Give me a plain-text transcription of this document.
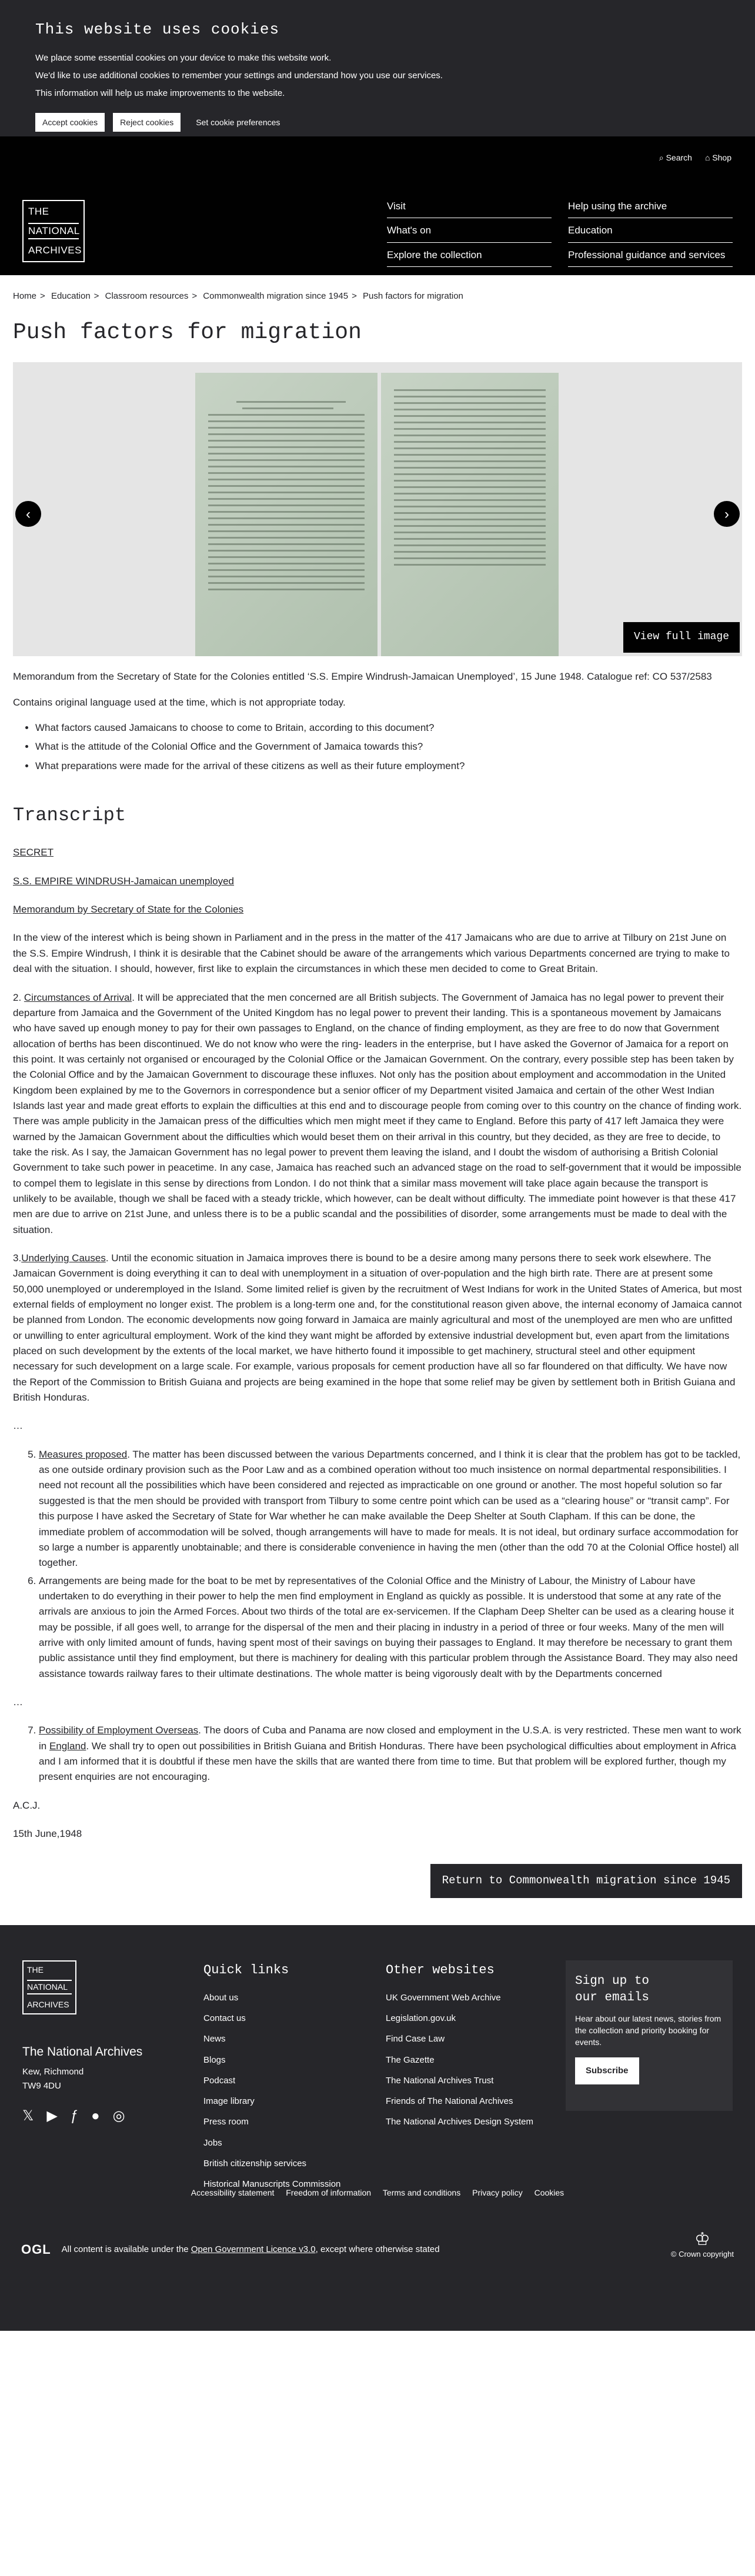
This website uses cookies

We place some essential cookies on your device to make this website work.

We'd like to use additional cookies to remember your settings and understand how you use our services.

This information will help us make improvements to the website.

Accept cookies	Reject cookies	Set cookie preferences
⌕ Search ⌂ Shop
THE
NATIONAL
ARCHIVES
Visit
What's on
Explore the collection
Help using the archive
Education
Professional guidance and services
Home > Education > Classroom resources > Commonwealth migration since 1945 > Push factors for migration
Push factors for migration
‹	›
View full image

Memorandum from the Secretary of State for the Colonies entitled ‘S.S. Empire Windrush-Jamaican Unemployed’, 15 June 1948. Catalogue ref: CO 537/2583

Contains original language used at the time, which is not appropriate today.

• What factors caused Jamaicans to choose to come to Britain, according to this document?
• What is the attitude of the Colonial Office and the Government of Jamaica towards this?
• What preparations were made for the arrival of these citizens as well as their future employment?
Transcript

SECRET

S.S. EMPIRE WINDRUSH-Jamaican unemployed

Memorandum by Secretary of State for the Colonies

In the view of the interest which is being shown in Parliament and in the press in the matter of the 417 Jamaicans who are due to arrive at Tilbury on 21st June on the S.S. Empire Windrush, I think it is desirable that the Cabinet should be aware of the arrangements which various Departments concerned are trying to make to deal with the situation. I should, however, first like to explain the circumstances in which these men decided to come to Great Britain.

2. Circumstances of Arrival. It will be appreciated that the men concerned are all British subjects. The Government of Jamaica has no legal power to prevent their departure from Jamaica and the Government of the United Kingdom has no legal power to prevent their landing. This is a spontaneous movement by Jamaicans who have saved up enough money to pay for their own passages to England, on the chance of finding employment, as they are free to do now that Government allocation of berths has been discontinued. We do not know who were the ring- leaders in the enterprise, but I have asked the Governor of Jamaica for a report on this point. It was certainly not organised or encouraged by the Colonial Office or the Jamaican Government. On the contrary, every possible step has been taken by the Colonial Office and by the Jamaican Government to discourage these influxes. Not only has the position about employment and accommodation in the United Kingdom been explained by me to the Governors in correspondence but a senior officer of my Department visited Jamaica and certain of the other West Indian Islands last year and made great efforts to explain the difficulties at this end and to discourage people from coming over to this country on the chance of finding work. There was ample publicity in the Jamaican press of the difficulties which men might meet if they came to England. Before this party of 417 left Jamaica they were warned by the Jamaican Government about the difficulties which would beset them on their arrival in this country, but they decided, as they are free to decide, to take the risk. As I say, the Jamaican Government has no legal power to prevent them leaving the island, and I doubt the wisdom of authorising a British Colonial Government to take such power in peacetime. In any case, Jamaica has reached such an advanced stage on the road to self-government that it would be impossible to compel them to legislate in this sense by directions from London. I do not think that a similar mass movement will take place again because the transport is unlikely to be available, though we shall be faced with a steady trickle, which however, can be dealt without difficulty. The immediate point however is that these 417 men are due to arrive on 21st June, and unless there is to be a public scandal and the possibilities of disorder, some arrangements must be made to deal with the situation.

3.Underlying Causes. Until the economic situation in Jamaica improves there is bound to be a desire among many persons there to seek work elsewhere. The Jamaican Government is doing everything it can to deal with unemployment in a situation of over-population and the high birth rate. There are at present some 50,000 unemployed or underemployed in the Island. Some limited relief is given by the recruitment of West Indians for work in the United States of America, but most external fields of employment no longer exist. The problem is a long-term one and, for the constitutional reason given above, the internal economy of Jamaica cannot be planned from London. The economic developments now going forward in Jamaica are mainly agricultural and most of the unemployed are men who are unfitted or unwilling to enter agricultural employment. Work of the kind they want might be afforded by extensive industrial development but, even apart from the limitations placed on such development by the extents of the local market, we have hitherto found it impossible to get machinery, structural steel and other equipment necessary for such development on a large scale. For example, various proposals for cement production have all so far floundered on that difficulty. We have now the Report of the Commission to British Guiana and projects are being examined in the hope that some relief may be given by settlement both in British Guiana and British Honduras.

…

5. Measures proposed. The matter has been discussed between the various Departments concerned, and I think it is clear that the problem has got to be tackled, as one outside ordinary provision such as the Poor Law and as a combined operation without too much insistence on normal departmental responsibilities. I need not recount all the possibilities which have been considered and rejected as impracticable on one ground or another. The most hopeful solution so far suggested is that the men should be provided with transport from Tilbury to some centre point which can be used as a “clearing house” or “transit camp”. For this purpose I have asked the Secretary of State for War whether he can make available the Deep Shelter at South Clapham. If this can be done, the immediate problem of accommodation will be solved, though arrangements will have to made for meals. It is not ideal, but ordinary surface accommodation for so large a number is apparently unobtainable; and there is considerable convenience in having the men (other than the odd 70 at the Colonial Office hostel) all together.
6. Arrangements are being made for the boat to be met by representatives of the Colonial Office and the Ministry of Labour, the Ministry of Labour have undertaken to do everything in their power to help the men find employment in England as quickly as possible. It is understood that some at any rate of the arrivals are anxious to join the Armed Forces. About two thirds of the total are ex-servicemen. If the Clapham Deep Shelter can be used as a clearing house it may be possible, if all goes well, to arrange for the dispersal of the men and their placing in industry in a period of three or four weeks. Many of the men will arrive with only limited amount of funds, having spent most of their savings on buying their passages to England. It may therefore be necessary to grant them public assistance until they find employment, but there is machinery for dealing with this particular problem through the Assistance Board. They may also need assistance towards railway fares to their ultimate destinations. The whole matter is being vigorously dealt with by the Departments concerned

…

7. Possibility of Employment Overseas. The doors of Cuba and Panama are now closed and employment in the U.S.A. is very restricted. These men want to work in England. We shall try to open out possibilities in British Guiana and British Honduras. There have been psychological difficulties about employment in Africa and I am informed that it is doubtful if these men have the skills that are wanted there from time to time. But that problem will be explored further, though my present enquiries are not encouraging.

A.C.J.

15th June,1948

Return to Commonwealth migration since 1945
THE
NATIONAL
ARCHIVES
The National Archives
Kew, Richmond
TW9 4DU
𝕏 ▶ ƒ ● ◎
Quick links
About us
Contact us
News
Blogs
Podcast
Image library
Press room
Jobs
British citizenship services
Historical Manuscripts Commission
Other websites
UK Government Web Archive
Legislation.gov.uk
Find Case Law
The Gazette
The National Archives Trust
Friends of The National Archives
The National Archives Design System
Sign up to
our emails

Hear about our latest news, stories from the collection and priority booking for events.

Subscribe
Accessibility statement Freedom of information Terms and conditions Privacy policy Cookies
OGL All content is available under the Open Government Licence v3.0, except where otherwise stated
♔
© Crown copyright
